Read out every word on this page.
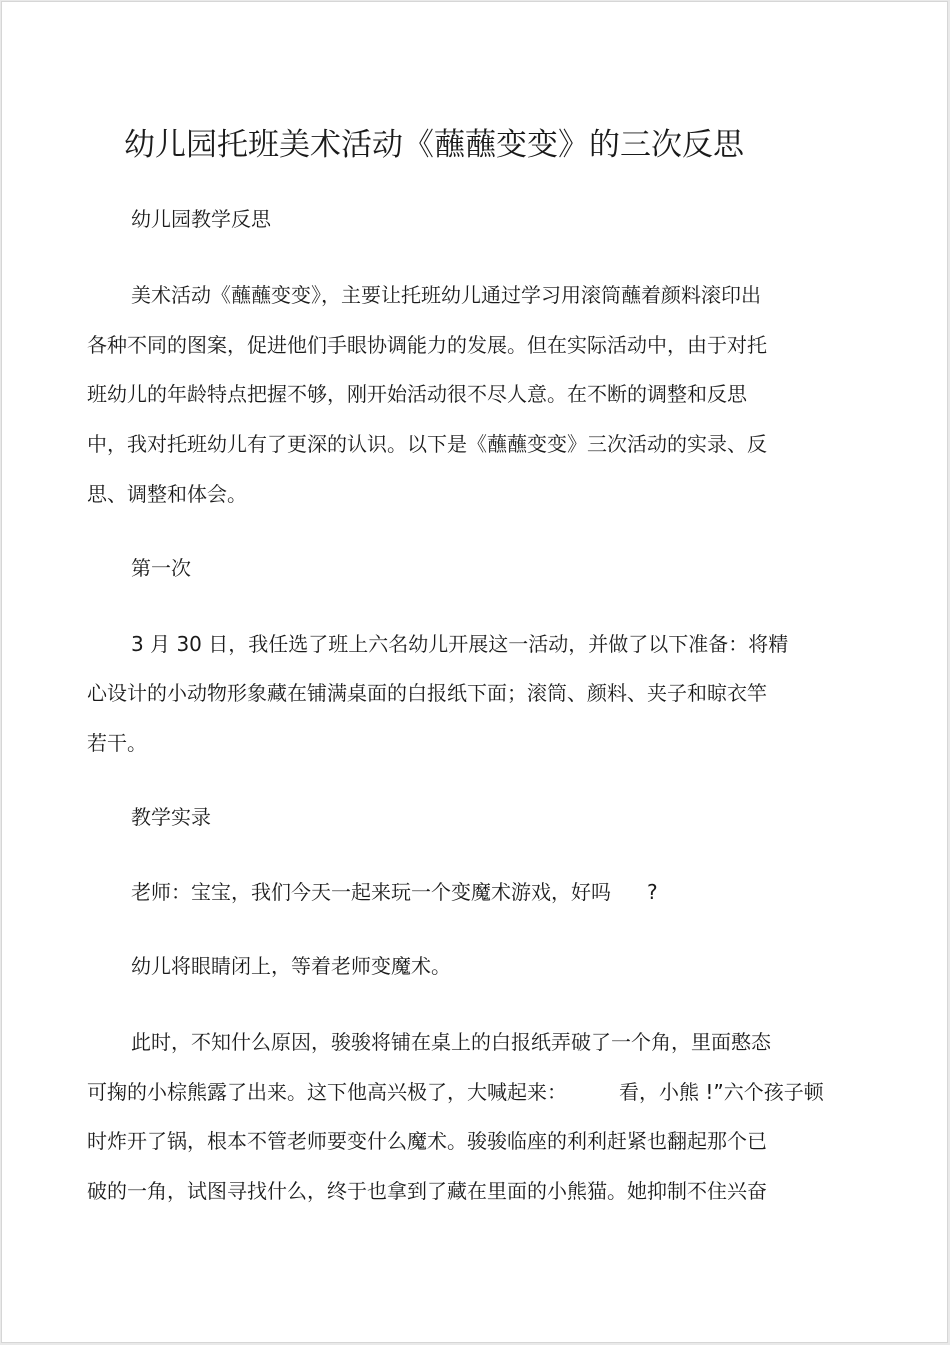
幼儿园托班美术活动《蘸蘸变变》的三次反思

幼儿园教学反思

美术活动《蘸蘸变变》，主要让托班幼儿通过学习用滚筒蘸着颜料滚印出

各种不同的图案，促进他们手眼协调能力的发展。但在实际活动中，由于对托

班幼儿的年龄特点把握不够，刚开始活动很不尽人意。在不断的调整和反思

中，我对托班幼儿有了更深的认识。以下是《蘸蘸变变》三次活动的实录、反

思、调整和体会。

第一次

3 月 30 日，我任选了班上六名幼儿开展这一活动，并做了以下准备：将精

心设计的小动物形象藏在铺满桌面的白报纸下面；滚筒、颜料、夹子和晾衣竿

若干。

教学实录

老师：宝宝，我们今天一起来玩一个变魔术游戏，好吗 ?

幼儿将眼睛闭上，等着老师变魔术。

此时，不知什么原因，骏骏将铺在桌上的白报纸弄破了一个角，里面憨态

可掬的小棕熊露了出来。这下他高兴极了，大喊起来：	看，小熊 !”六个孩子顿

时炸开了锅，根本不管老师要变什么魔术。骏骏临座的利利赶紧也翻起那个已

破的一角，试图寻找什么，终于也拿到了藏在里面的小熊猫。她抑制不住兴奋
